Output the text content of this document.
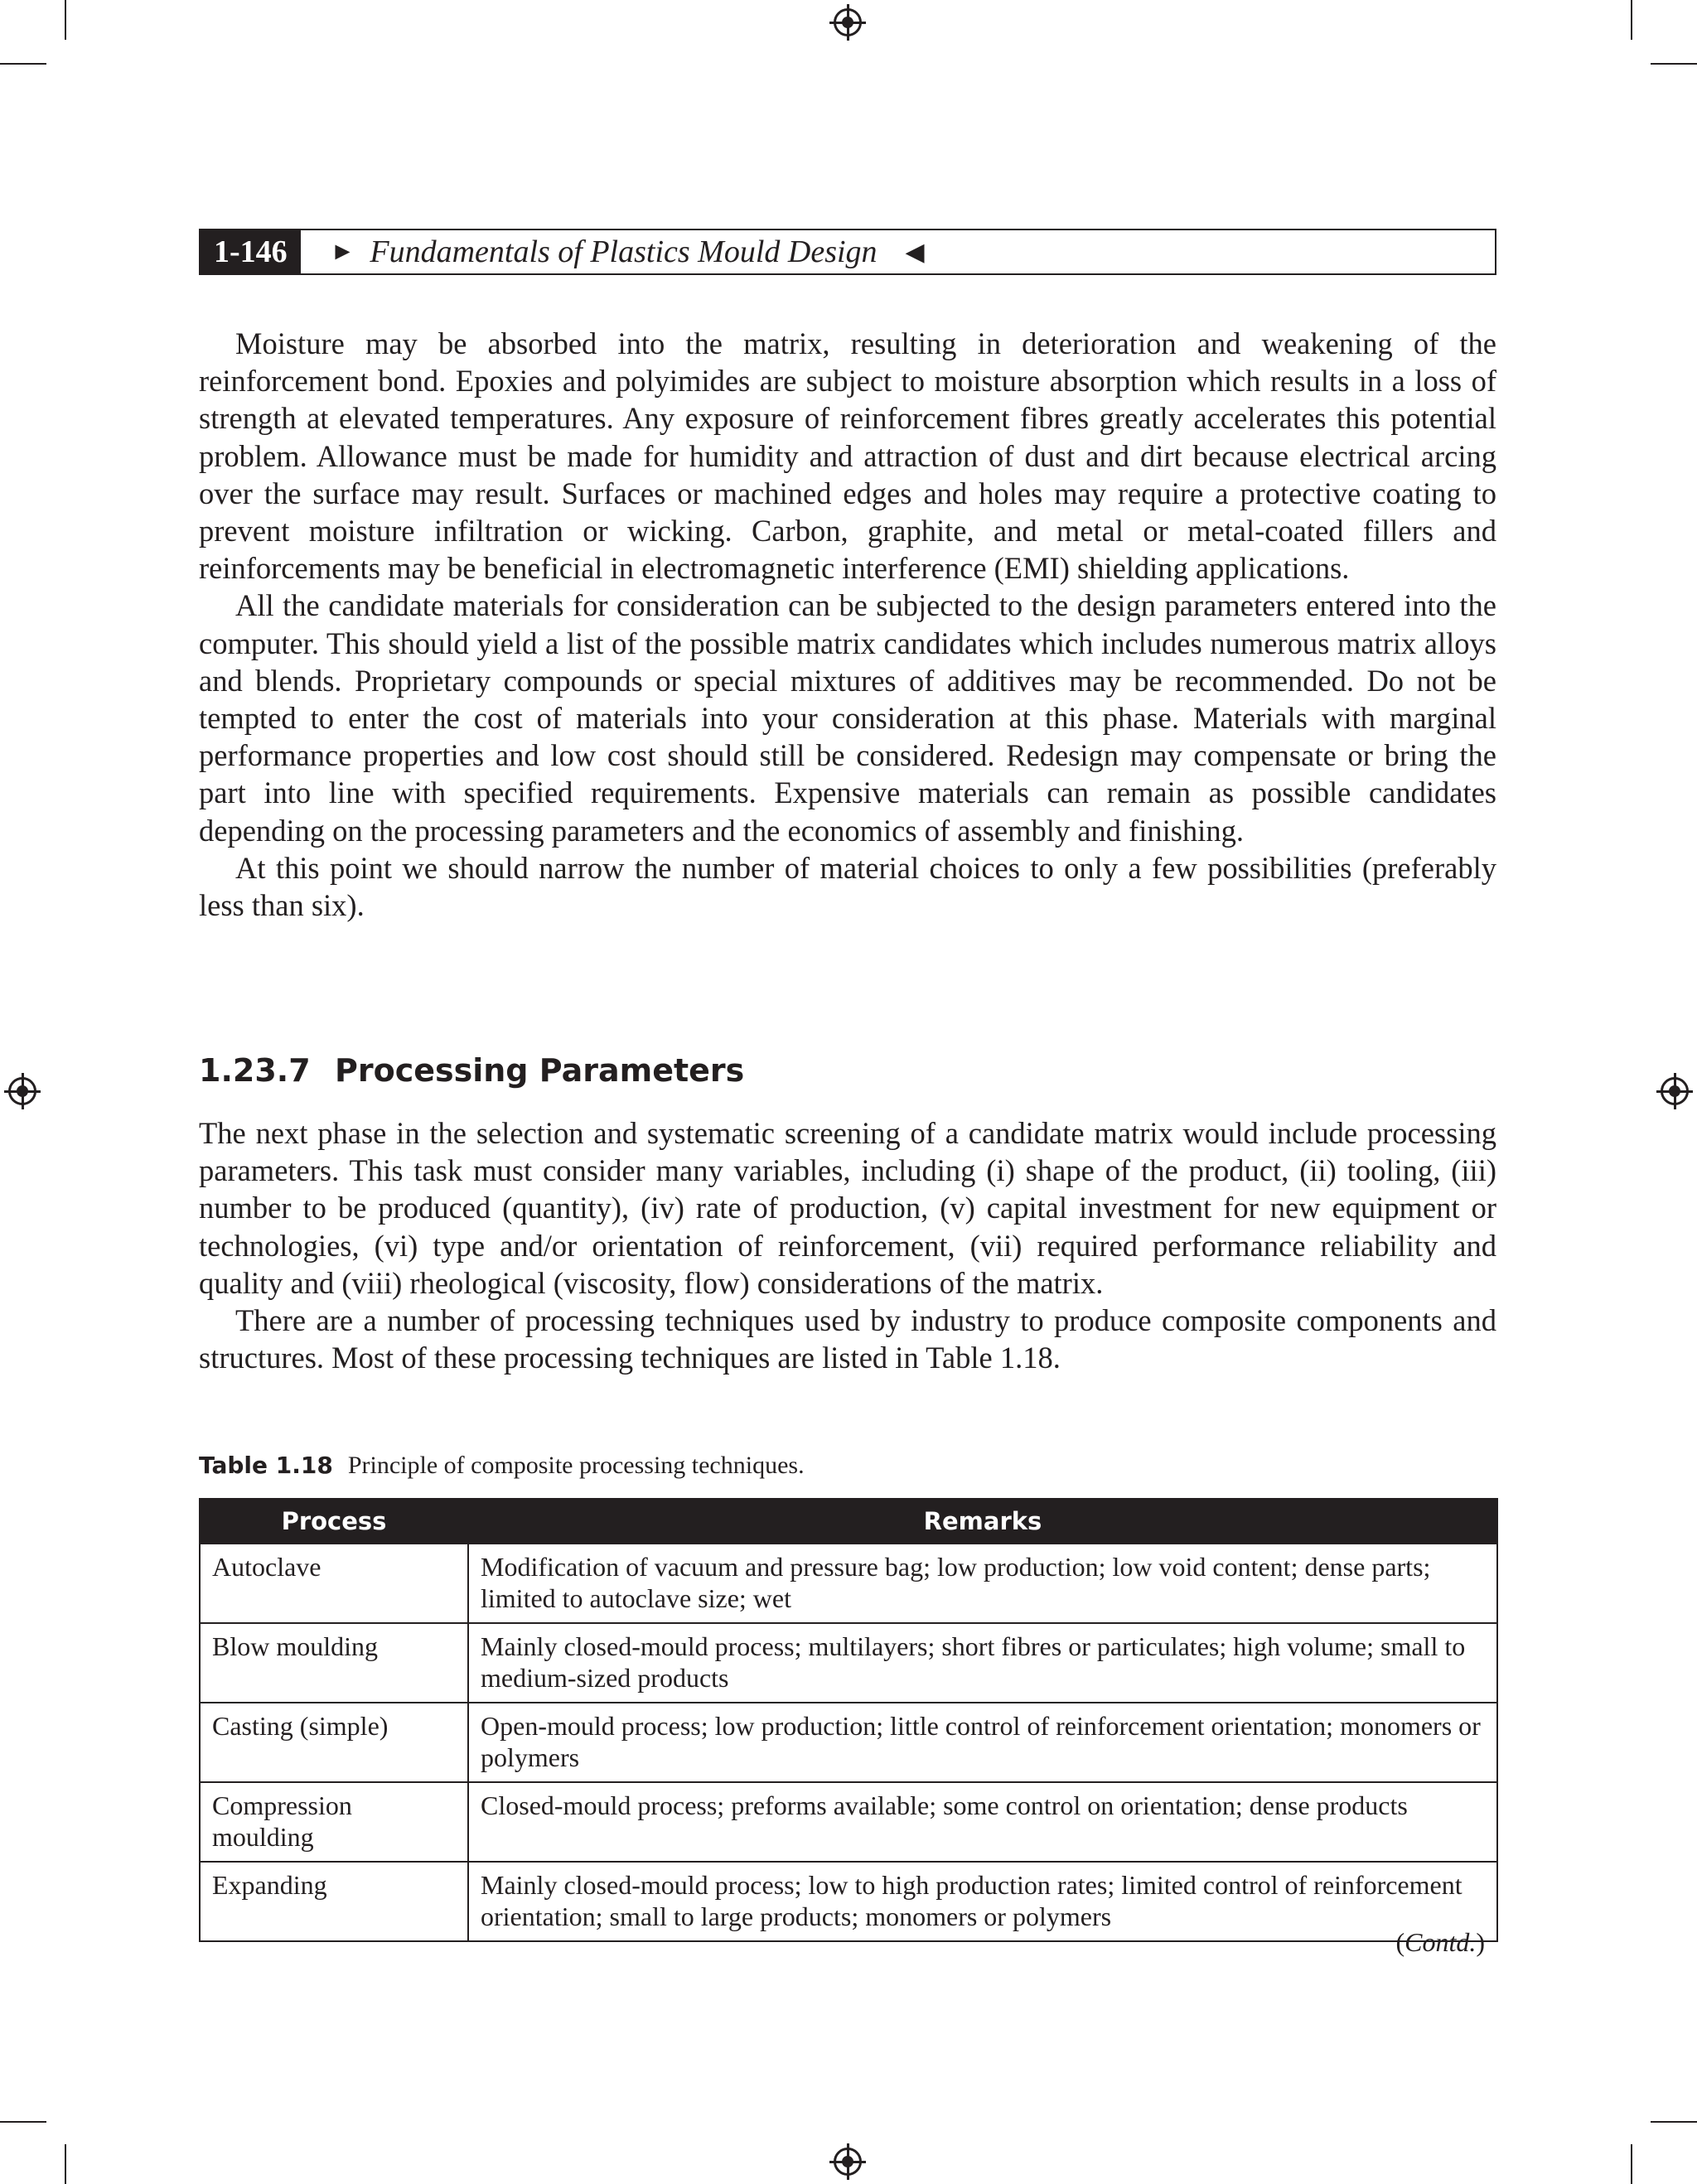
1-146	► Fundamentals of Plastics Mould Design ◀

Moisture may be absorbed into the matrix, resulting in deterioration and weakening of the reinforcement bond. Epoxies and polyimides are subject to moisture absorption which results in a loss of strength at elevated temperatures. Any exposure of reinforcement fibres greatly accelerates this potential problem. Allowance must be made for humidity and attraction of dust and dirt because electrical arcing over the surface may result. Surfaces or machined edges and holes may require a protective coating to prevent moisture infiltration or wicking. Carbon, graphite, and metal or metal-coated fillers and reinforcements may be beneficial in electromagnetic interference (EMI) shielding applications.

All the candidate materials for consideration can be subjected to the design parameters entered into the computer. This should yield a list of the possible matrix candidates which includes numerous matrix alloys and blends. Proprietary compounds or special mixtures of additives may be recommended. Do not be tempted to enter the cost of materials into your consideration at this phase. Materials with marginal performance properties and low cost should still be considered. Redesign may compensate or bring the part into line with specified requirements. Expensive materials can remain as possible candidates depending on the processing parameters and the economics of assembly and finishing.

At this point we should narrow the number of material choices to only a few possibilities (preferably less than six).

1.23.7 Processing Parameters

The next phase in the selection and systematic screening of a candidate matrix would include processing parameters. This task must consider many variables, including (i) shape of the product, (ii) tooling, (iii) number to be produced (quantity), (iv) rate of production, (v) capital investment for new equipment or technologies, (vi) type and/or orientation of reinforcement, (vii) required performance reliability and quality and (viii) rheological (viscosity, flow) considerations of the matrix.

There are a number of processing techniques used by industry to produce composite components and structures. Most of these processing techniques are listed in Table 1.18.

Table 1.18 Principle of composite processing techniques.
Process	Remarks
Autoclave	Modification of vacuum and pressure bag; low production; low void content; dense parts; limited to autoclave size; wet
Blow moulding	Mainly closed-mould process; multilayers; short fibres or particulates; high volume; small to medium-sized products
Casting (simple)	Open-mould process; low production; little control of reinforcement orientation; monomers or polymers
Compression moulding	Closed-mould process; preforms available; some control on orientation; dense products
Expanding	Mainly closed-mould process; low to high production rates; limited control of reinforcement orientation; small to large products; monomers or polymers
(Contd.)
